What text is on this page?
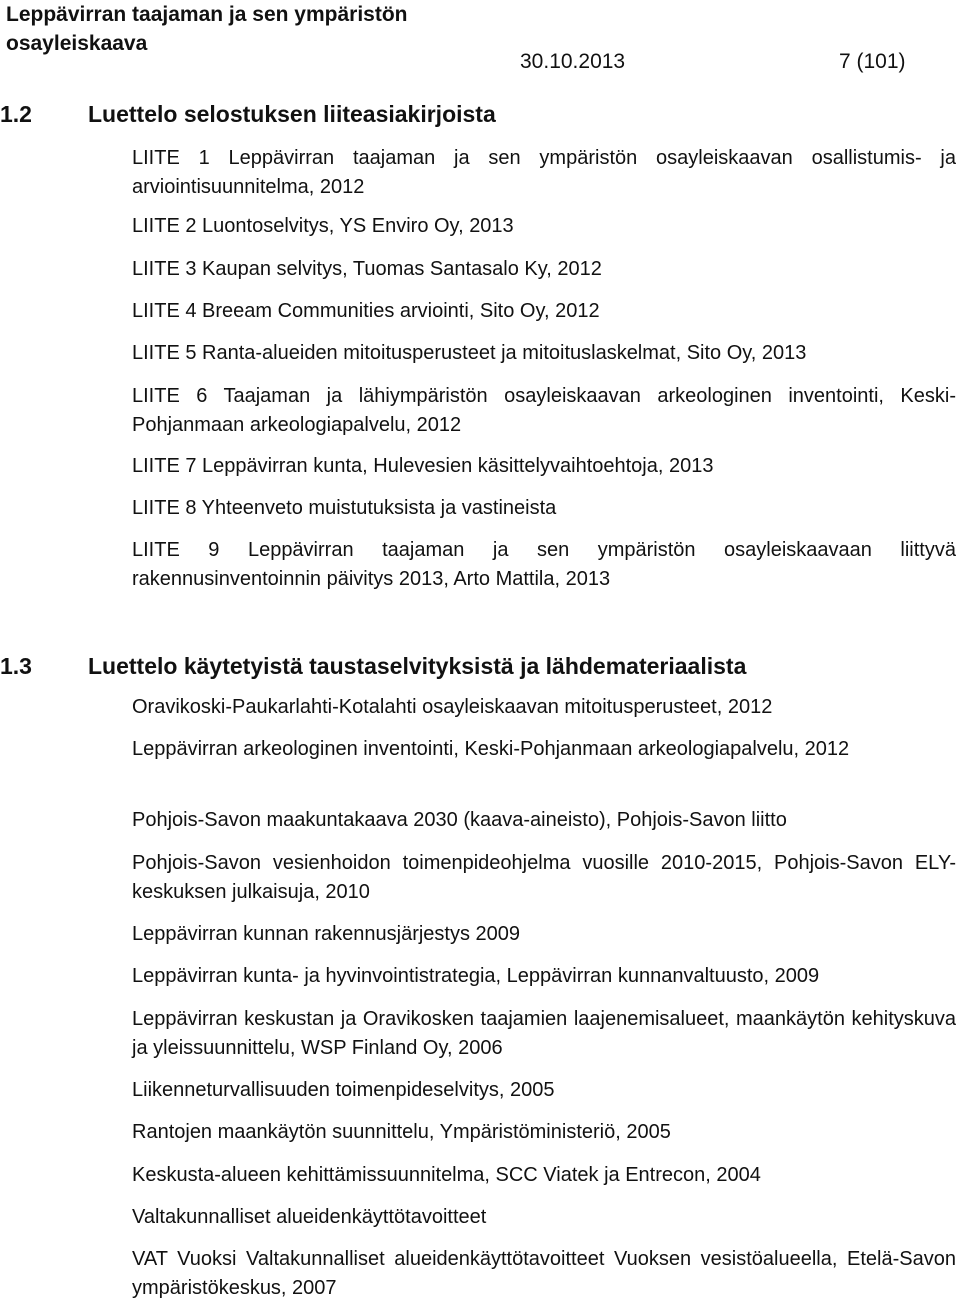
Leppävirran taajaman ja sen ympäristön osayleiskaava
30.10.2013	7 (101)
1.2 Luettelo selostuksen liiteasiakirjoista
LIITE 1 Leppävirran taajaman ja sen ympäristön osayleiskaavan osallistumis- ja arviointisuunnitelma, 2012
LIITE 2 Luontoselvitys, YS Enviro Oy, 2013
LIITE 3 Kaupan selvitys, Tuomas Santasalo Ky, 2012
LIITE 4 Breeam Communities arviointi, Sito Oy, 2012
LIITE 5 Ranta-alueiden mitoitusperusteet ja mitoituslaskelmat, Sito Oy, 2013
LIITE 6 Taajaman ja lähiympäristön osayleiskaavan arkeologinen inventointi, Keski-Pohjanmaan arkeologiapalvelu, 2012
LIITE 7 Leppävirran kunta, Hulevesien käsittelyvaihtoehtoja, 2013
LIITE 8 Yhteenveto muistutuksista ja vastineista
LIITE 9 Leppävirran taajaman ja sen ympäristön osayleiskaavaan liittyvä rakennusinventoinnin päivitys 2013, Arto Mattila, 2013
1.3 Luettelo käytetyistä taustaselvityksistä ja lähdemateriaalista
Oravikoski-Paukarlahti-Kotalahti osayleiskaavan mitoitusperusteet, 2012
Leppävirran arkeologinen inventointi, Keski-Pohjanmaan arkeologiapalvelu, 2012
Pohjois-Savon maakuntakaava 2030 (kaava-aineisto), Pohjois-Savon liitto
Pohjois-Savon vesienhoidon toimenpideohjelma vuosille 2010-2015, Pohjois-Savon ELY-keskuksen julkaisuja, 2010
Leppävirran kunnan rakennusjärjestys 2009
Leppävirran kunta- ja hyvinvointistrategia, Leppävirran kunnanvaltuusto, 2009
Leppävirran keskustan ja Oravikosken taajamien laajenemisalueet, maankäytön kehityskuva ja yleissuunnittelu, WSP Finland Oy, 2006
Liikenneturvallisuuden toimenpideselvitys, 2005
Rantojen maankäytön suunnittelu, Ympäristöministeriö, 2005
Keskusta-alueen kehittämissuunnitelma, SCC Viatek ja Entrecon, 2004
Valtakunnalliset alueidenkäyttötavoitteet
VAT Vuoksi Valtakunnalliset alueidenkäyttötavoitteet Vuoksen vesistöalueella, Etelä-Savon ympäristökeskus, 2007
